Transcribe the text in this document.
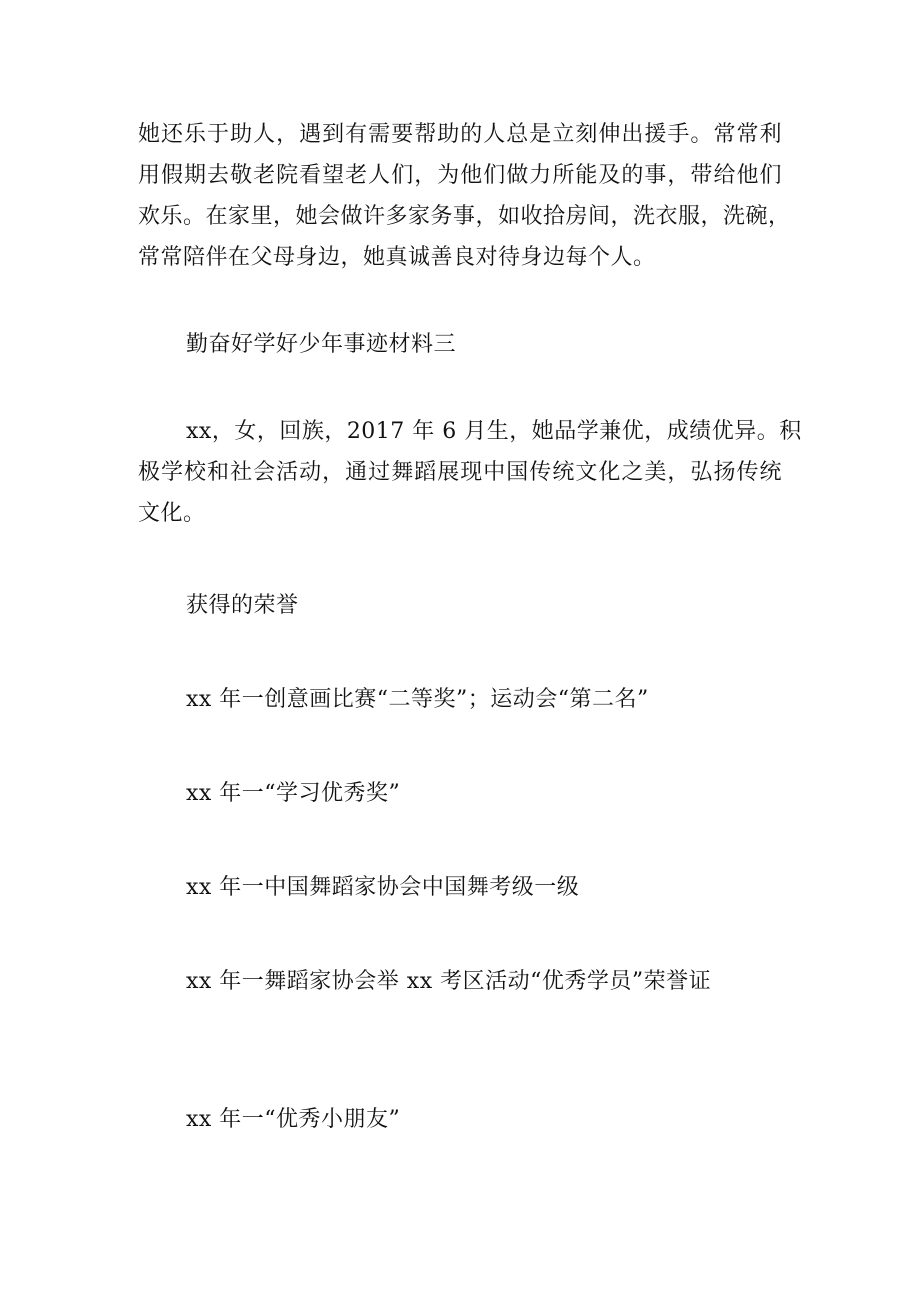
她还乐于助人，遇到有需要帮助的人总是立刻伸出援手。常常利
用假期去敬老院看望老人们，为他们做力所能及的事，带给他们
欢乐。在家里，她会做许多家务事，如收拾房间，洗衣服，洗碗，
常常陪伴在父母身边，她真诚善良对待身边每个人。
勤奋好学好少年事迹材料三
xx，女，回族，2017 年 6 月生，她品学兼优，成绩优异。积
极学校和社会活动，通过舞蹈展现中国传统文化之美，弘扬传统
文化。
获得的荣誉
xx 年一创意画比赛“二等奖”；运动会“第二名”
xx 年一“学习优秀奖”
xx 年一中国舞蹈家协会中国舞考级一级
xx 年一舞蹈家协会举 xx 考区活动“优秀学员”荣誉证
xx 年一“优秀小朋友”
